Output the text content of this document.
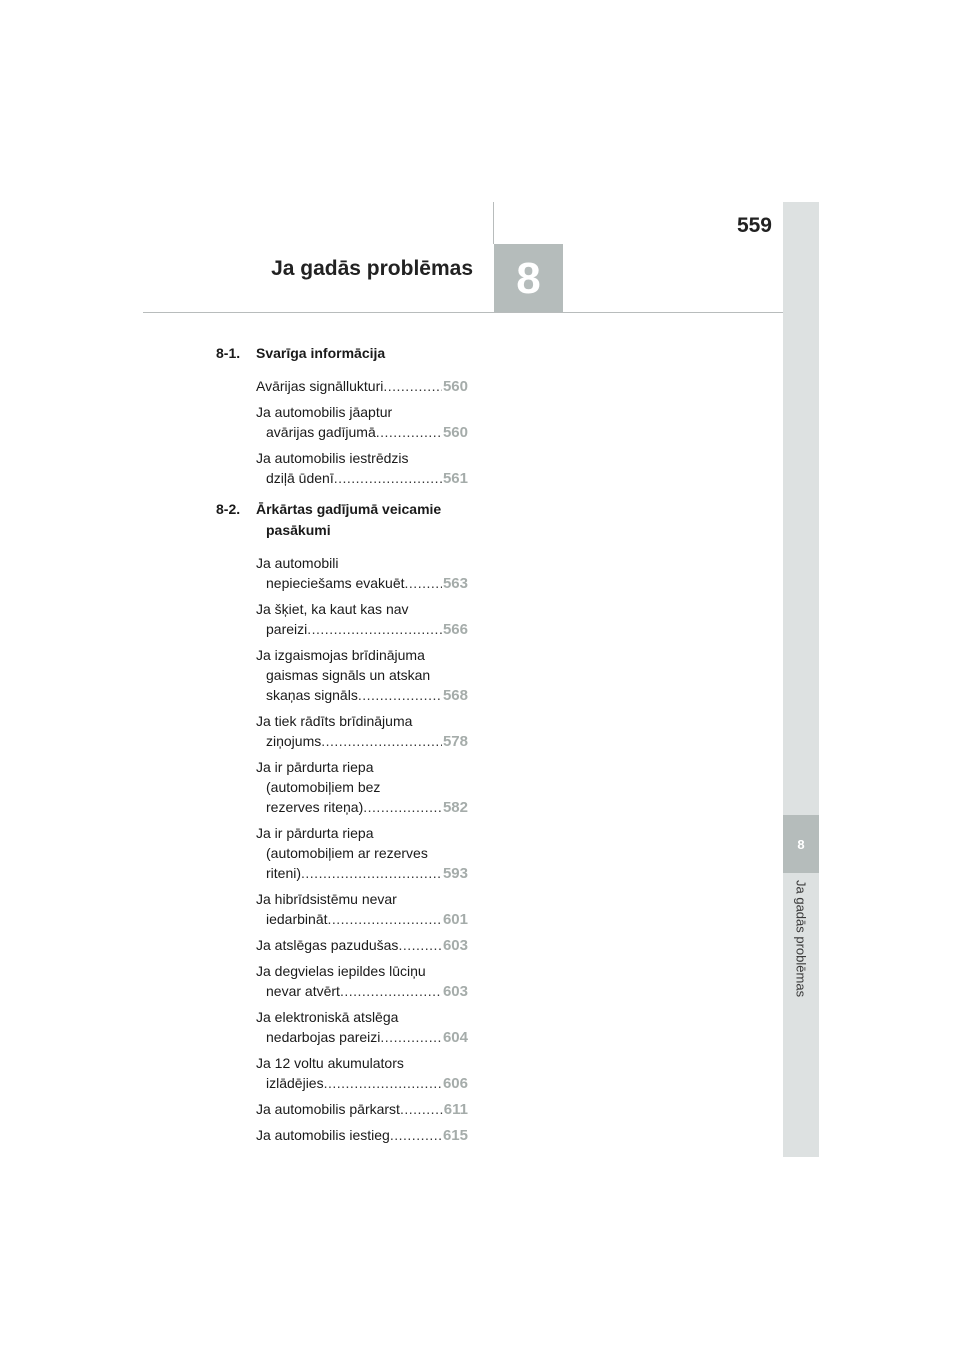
559
Ja gadās problēmas 8
8
Ja gadās problēmas
8-1.	Svarīga informācija
Avārijas signāllukturi .....	560
Ja automobilis jāaptur
avārijas gadījumā .....	560
Ja automobilis iestrēdzis
dziļā ūdenī .....	561
8-2.	Ārkārtas gadījumā veicamie
pasākumi
Ja automobili
nepieciešams evakuēt .....	563
Ja šķiet, ka kaut kas nav
pareizi .....	566
Ja izgaismojas brīdinājuma
gaismas signāls un atskan
skaņas signāls .....	568
Ja tiek rādīts brīdinājuma
ziņojums .....	578
Ja ir pārdurta riepa
(automobiļiem bez
rezerves riteņa) .....	582
Ja ir pārdurta riepa
(automobiļiem ar rezerves
riteni) .....	593
Ja hibrīdsistēmu nevar
iedarbināt .....	601
Ja atslēgas pazudušas .....	603
Ja degvielas iepildes lūciņu
nevar atvērt .....	603
Ja elektroniskā atslēga
nedarbojas pareizi .....	604
Ja 12 voltu akumulators
izlādējies .....	606
Ja automobilis pārkarst .....	611
Ja automobilis iestieg .....	615
